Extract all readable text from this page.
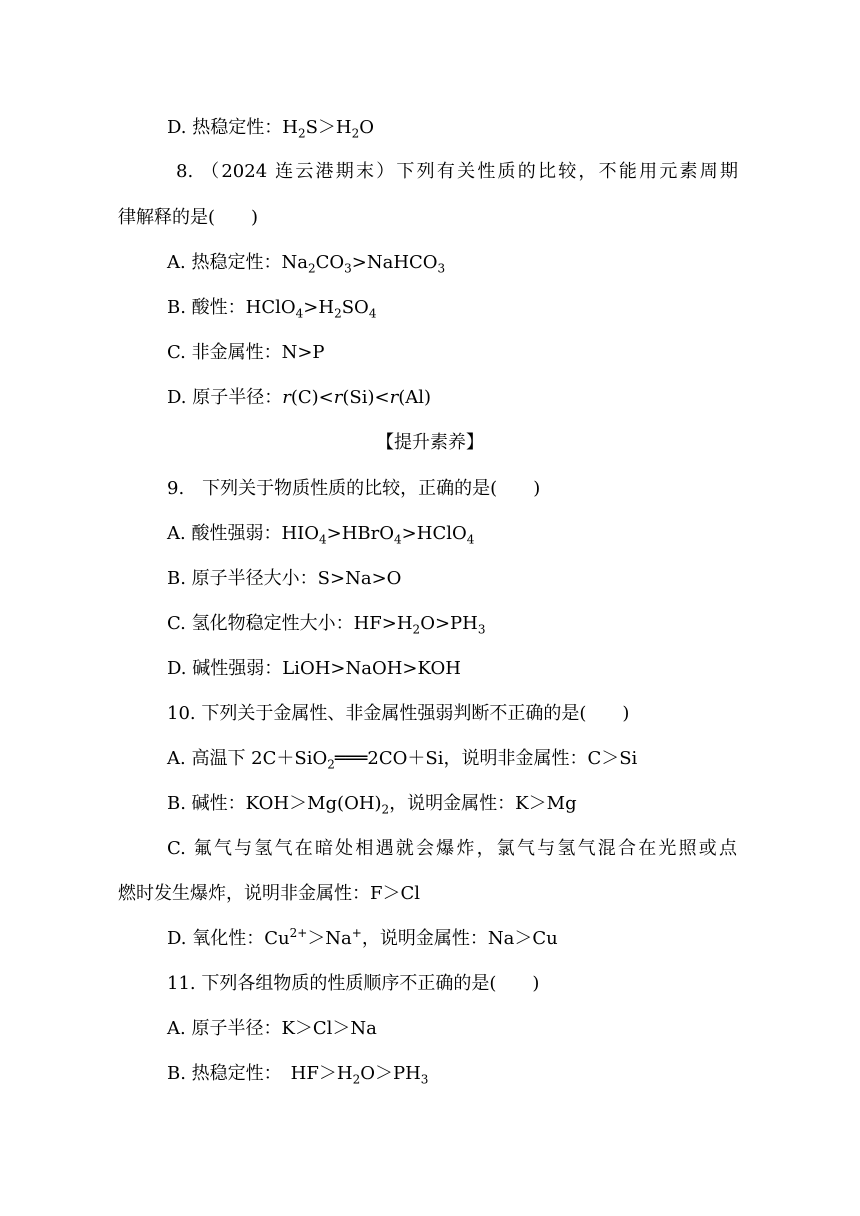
D. 热稳定性：$H_2S>H_2O$
8. （2024 连云港期末）下列有关性质的比较，不能用元素周期
律解释的是(　　)
A. 热稳定性：$Na_2CO_3>NaHCO_3$
B. 酸性：$HClO_4>H_2SO_4$
C. 非金属性：N>P
D. 原子半径：r(C)<r(Si)<r(Al)
【提升素养】
9.　下列关于物质性质的比较，正确的是(　　)
A. 酸性强弱：$HIO_4>HBrO_4>HClO_4$
B. 原子半径大小：S>Na>O
C. 氢化物稳定性大小：$HF>H_2O>PH_3$
D. 碱性强弱：LiOH>NaOH>KOH
10. 下列关于金属性、非金属性强弱判断不正确的是(　　)
A. 高温下 2C＋SiO$_2$═══2CO＋Si，说明非金属性：C＞Si
B. 碱性：$KOH>Mg(OH)_2$，说明金属性：K＞Mg
C. 氟气与氢气在暗处相遇就会爆炸，氯气与氢气混合在光照或点
燃时发生爆炸，说明非金属性：F＞Cl
D. 氧化性：$Cu^{2+}>Na^+$，说明金属性：Na＞Cu
11. 下列各组物质的性质顺序不正确的是(　　)
A. 原子半径：K＞Cl＞Na
B. 热稳定性：　$HF>H_2O>PH_3$
